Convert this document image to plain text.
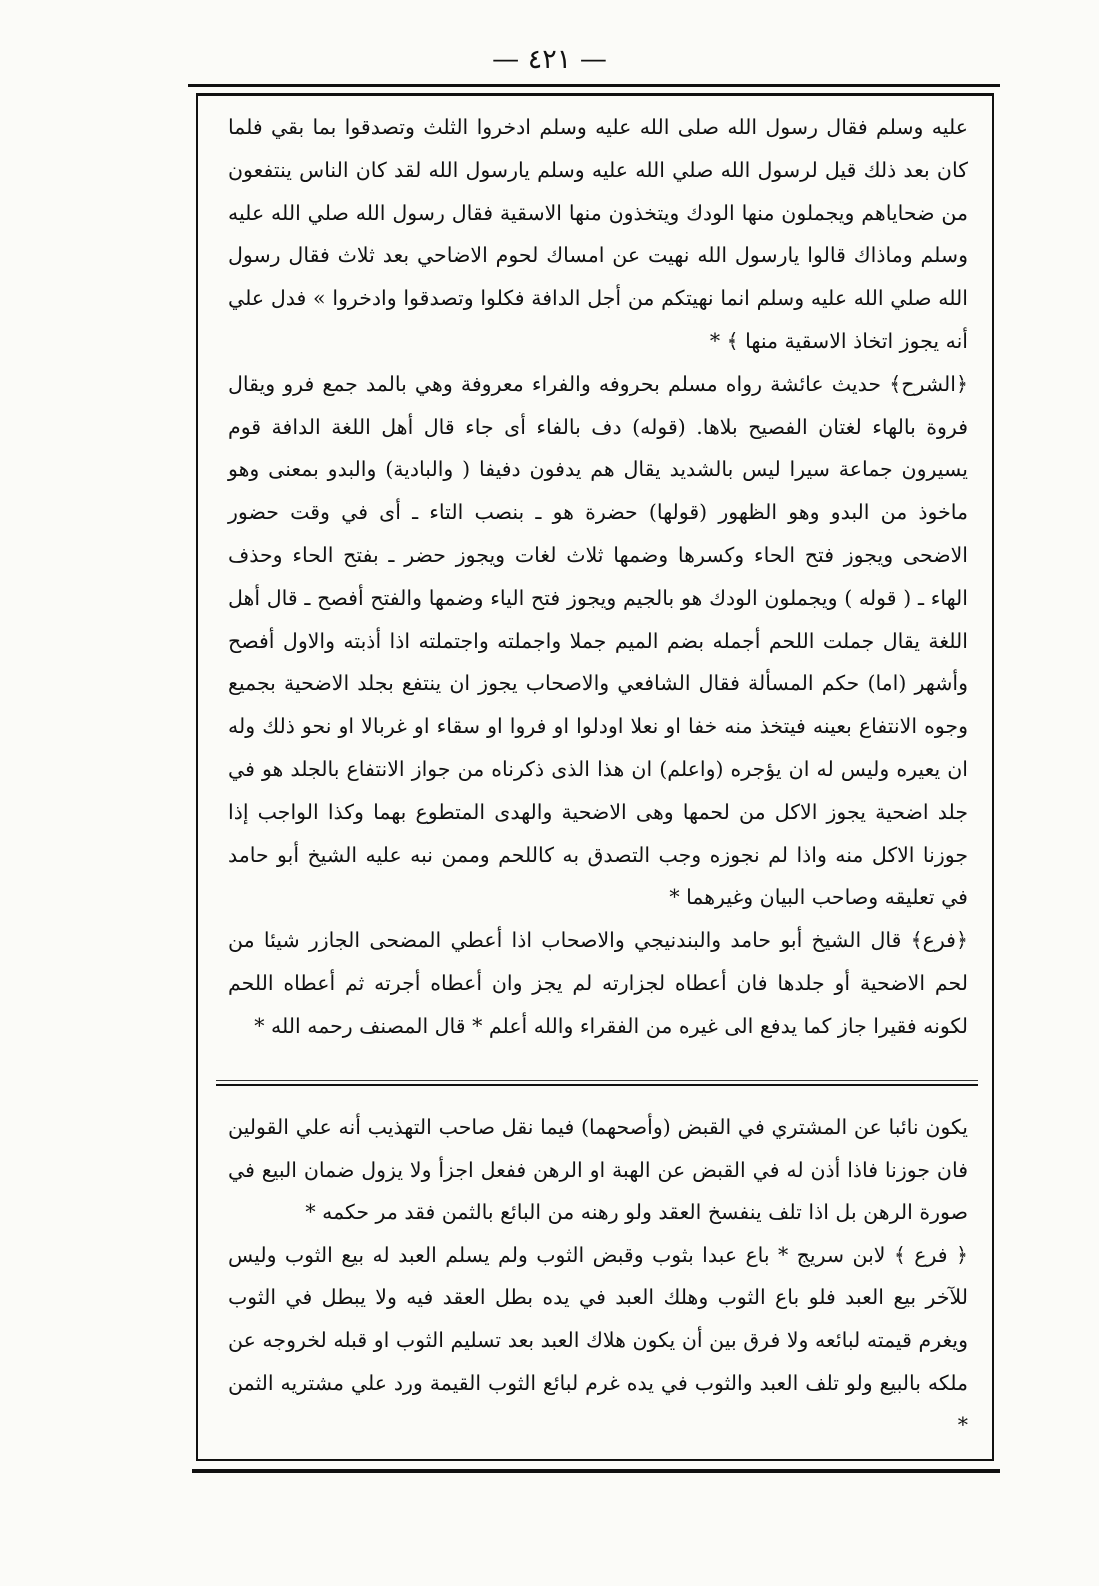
— ٤٢١ —

عليه وسلم فقال رسول الله صلى الله عليه وسلم ادخروا الثلث وتصدقوا بما بقي فلما كان بعد ذلك قيل لرسول الله صلي الله عليه وسلم يارسول الله لقد كان الناس ينتفعون من ضحاياهم ويجملون منها الودك ويتخذون منها الاسقية فقال رسول الله صلي الله عليه وسلم وماذاك قالوا يارسول الله نهيت عن امساك لحوم الاضاحي بعد ثلاث فقال رسول الله صلي الله عليه وسلم انما نهيتكم من أجل الدافة فكلوا وتصدقوا وادخروا » فدل علي أنه يجوز اتخاذ الاسقية منها ﴾ *

﴿الشرح﴾ حديث عائشة رواه مسلم بحروفه والفراء معروفة وهي بالمد جمع فرو ويقال فروة بالهاء لغتان الفصيح بلاها. (قوله) دف بالفاء أى جاء قال أهل اللغة الدافة قوم يسيرون جماعة سيرا ليس بالشديد يقال هم يدفون دفيفا ( والبادية) والبدو بمعنى وهو ماخوذ من البدو وهو الظهور (قولها) حضرة هو ـ بنصب التاء ـ أى في وقت حضور الاضحى ويجوز فتح الحاء وكسرها وضمها ثلاث لغات ويجوز حضر ـ بفتح الحاء وحذف الهاء ـ ( قوله ) ويجملون الودك هو بالجيم ويجوز فتح الياء وضمها والفتح أفصح ـ قال أهل اللغة يقال جملت اللحم أجمله بضم الميم جملا واجملته واجتملته اذا أذبته والاول أفصح وأشهر (اما) حكم المسألة فقال الشافعي والاصحاب يجوز ان ينتفع بجلد الاضحية بجميع وجوه الانتفاع بعينه فيتخذ منه خفا او نعلا اودلوا او فروا او سقاء او غربالا او نحو ذلك وله ان يعيره وليس له ان يؤجره (واعلم) ان هذا الذى ذكرناه من جواز الانتفاع بالجلد هو في جلد اضحية يجوز الاكل من لحمها وهى الاضحية والهدى المتطوع بهما وكذا الواجب إذا جوزنا الاكل منه واذا لم نجوزه وجب التصدق به كاللحم وممن نبه عليه الشيخ أبو حامد في تعليقه وصاحب البيان وغيرهما *

﴿فرع﴾ قال الشيخ أبو حامد والبندنيجي والاصحاب اذا أعطي المضحى الجازر شيئا من لحم الاضحية أو جلدها فان أعطاه لجزارته لم يجز وان أعطاه أجرته ثم أعطاه اللحم لكونه فقيرا جاز كما يدفع الى غيره من الفقراء والله أعلم * قال المصنف رحمه الله *

يكون نائبا عن المشتري في القبض (وأصحهما) فيما نقل صاحب التهذيب أنه علي القولين فان جوزنا فاذا أذن له في القبض عن الهبة او الرهن ففعل اجزأ ولا يزول ضمان البيع في صورة الرهن بل اذا تلف ينفسخ العقد ولو رهنه من البائع بالثمن فقد مر حكمه *

﴿ فرع ﴾ لابن سريج * باع عبدا بثوب وقبض الثوب ولم يسلم العبد له بيع الثوب وليس للآخر بيع العبد فلو باع الثوب وهلك العبد في يده بطل العقد فيه ولا يبطل في الثوب ويغرم قيمته لبائعه ولا فرق بين أن يكون هلاك العبد بعد تسليم الثوب او قبله لخروجه عن ملكه بالبيع ولو تلف العبد والثوب في يده غرم لبائع الثوب القيمة ورد علي مشتريه الثمن *
